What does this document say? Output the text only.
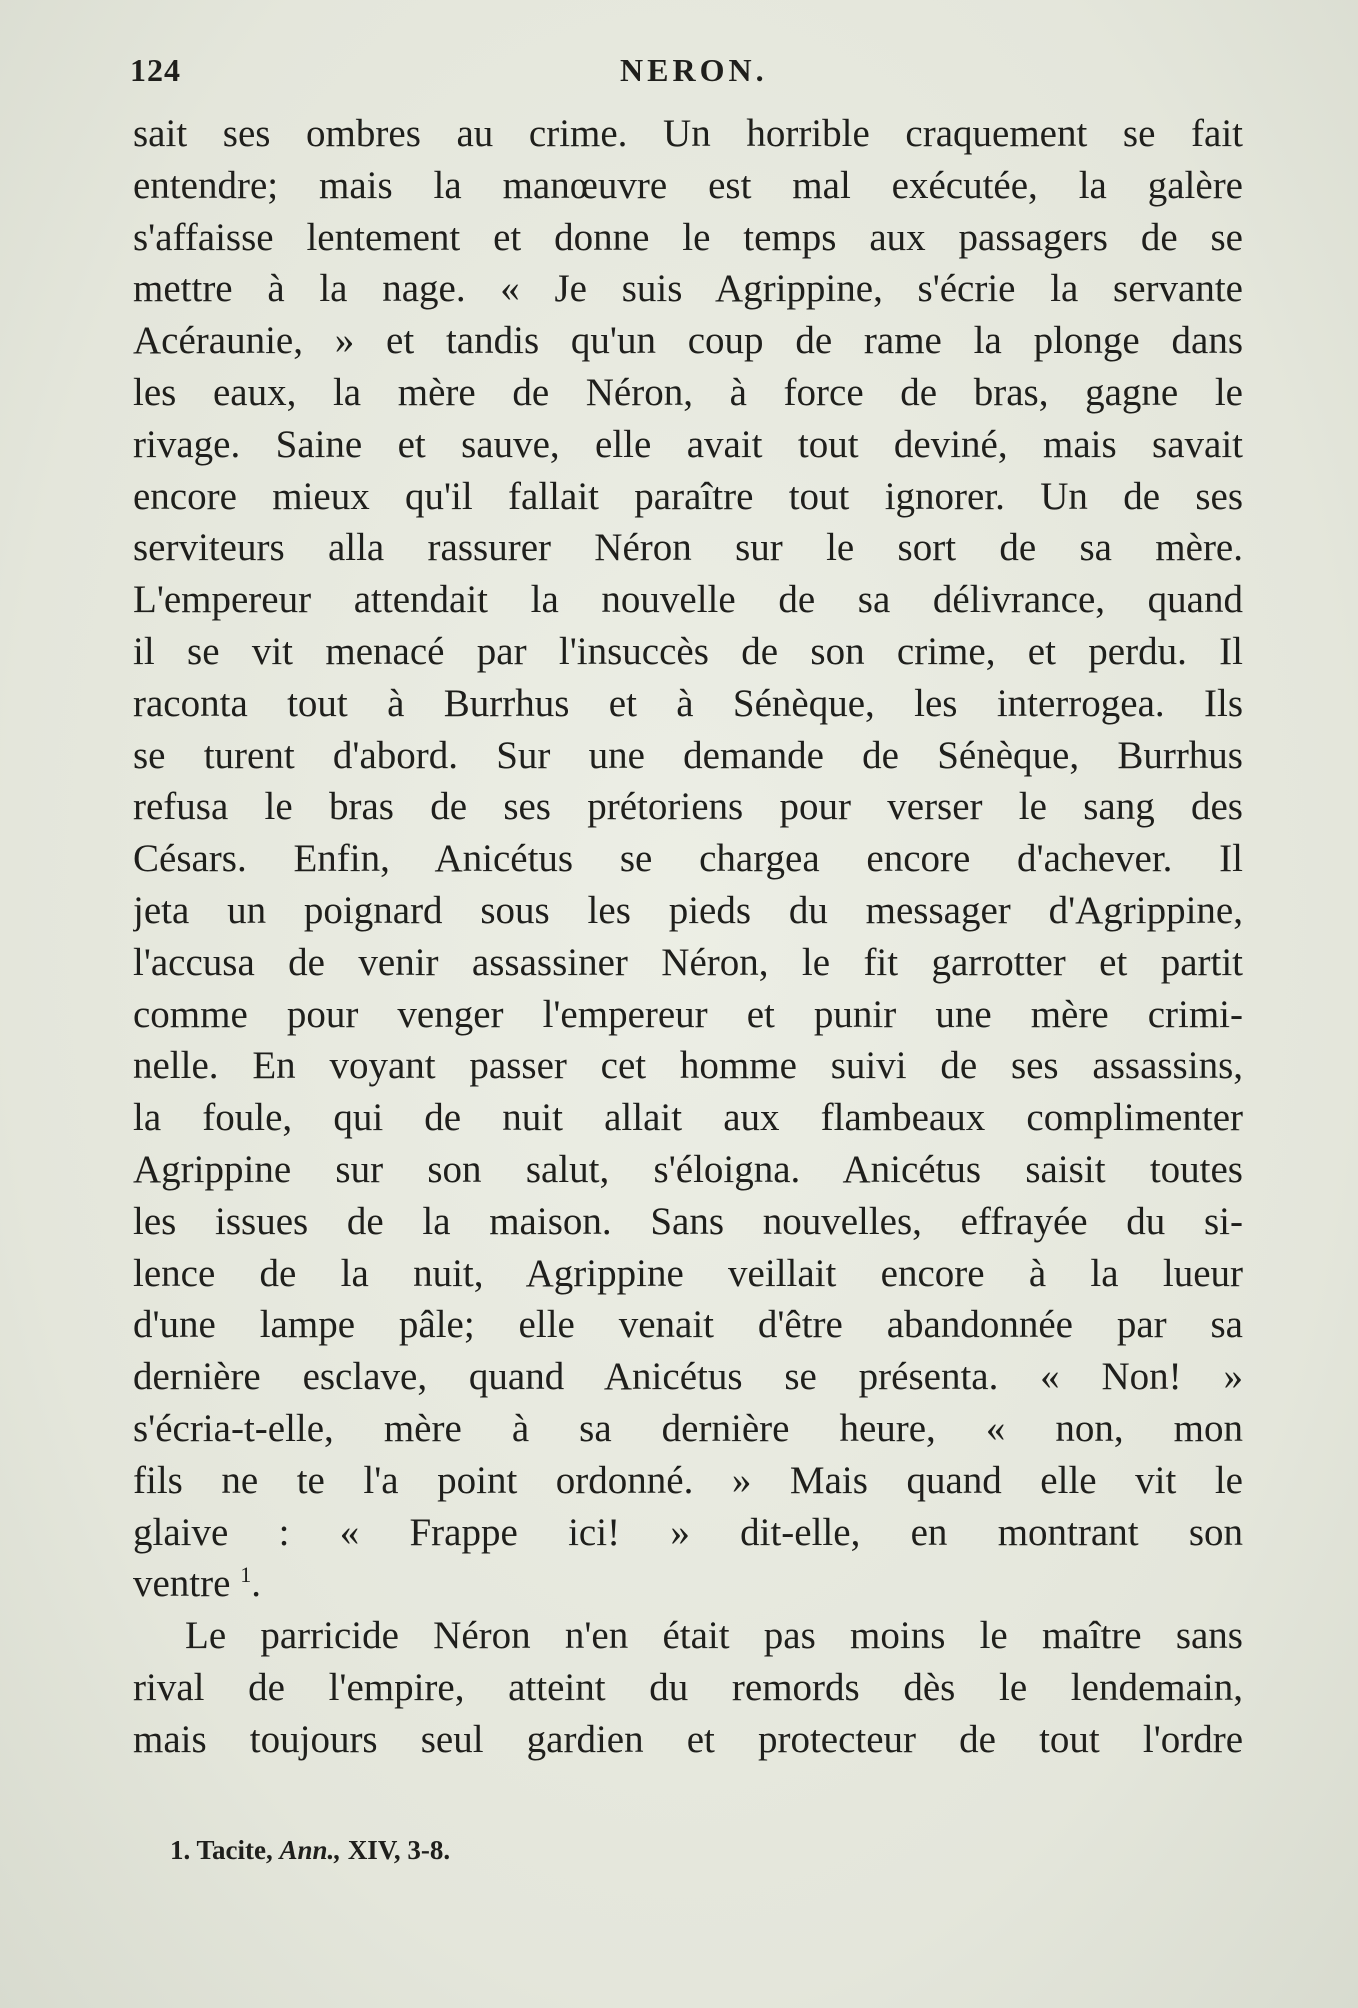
124	NERON.
sait ses ombres au crime. Un horrible craquement se fait
entendre; mais la manœuvre est mal exécutée, la galère
s'affaisse lentement et donne le temps aux passagers de se
mettre à la nage. « Je suis Agrippine, s'écrie la servante
Acéraunie, » et tandis qu'un coup de rame la plonge dans
les eaux, la mère de Néron, à force de bras, gagne le
rivage. Saine et sauve, elle avait tout deviné, mais savait
encore mieux qu'il fallait paraître tout ignorer. Un de ses
serviteurs alla rassurer Néron sur le sort de sa mère.
L'empereur attendait la nouvelle de sa délivrance, quand
il se vit menacé par l'insuccès de son crime, et perdu. Il
raconta tout à Burrhus et à Sénèque, les interrogea. Ils
se turent d'abord. Sur une demande de Sénèque, Burrhus
refusa le bras de ses prétoriens pour verser le sang des
Césars. Enfin, Anicétus se chargea encore d'achever. Il
jeta un poignard sous les pieds du messager d'Agrippine,
l'accusa de venir assassiner Néron, le fit garrotter et partit
comme pour venger l'empereur et punir une mère crimi-
nelle. En voyant passer cet homme suivi de ses assassins,
la foule, qui de nuit allait aux flambeaux complimenter
Agrippine sur son salut, s'éloigna. Anicétus saisit toutes
les issues de la maison. Sans nouvelles, effrayée du si-
lence de la nuit, Agrippine veillait encore à la lueur
d'une lampe pâle; elle venait d'être abandonnée par sa
dernière esclave, quand Anicétus se présenta. « Non! »
s'écria-t-elle, mère à sa dernière heure, « non, mon
fils ne te l'a point ordonné. » Mais quand elle vit le
glaive : « Frappe ici! » dit-elle, en montrant son
ventre $^1$.
Le parricide Néron n'en était pas moins le maître sans
rival de l'empire, atteint du remords dès le lendemain,
mais toujours seul gardien et protecteur de tout l'ordre
1. Tacite, Ann., XIV, 3-8.
